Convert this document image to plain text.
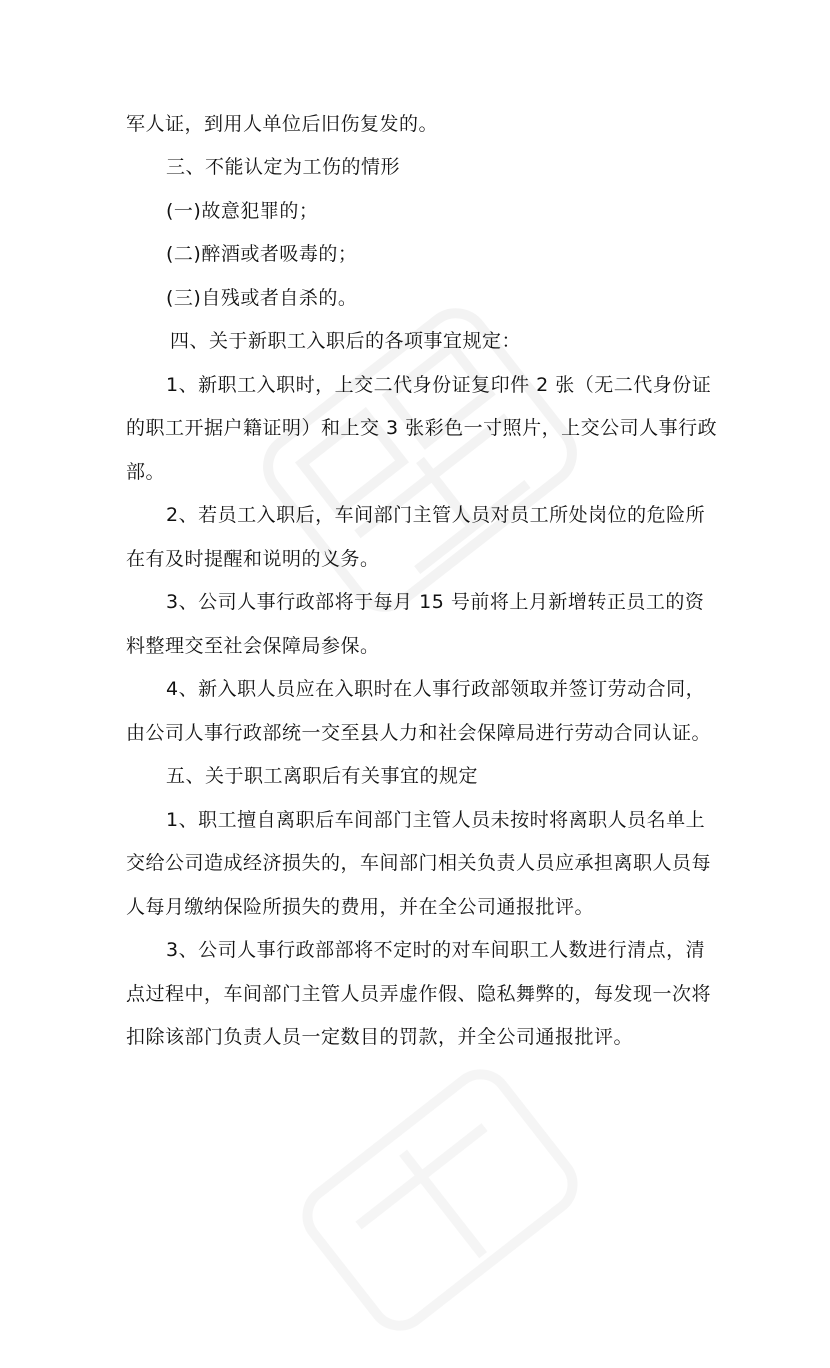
军人证，到用人单位后旧伤复发的。
三、不能认定为工伤的情形
(一)故意犯罪的；
(二)醉酒或者吸毒的；
(三)自残或者自杀的。
四、关于新职工入职后的各项事宜规定：
1、新职工入职时，上交二代身份证复印件 2 张（无二代身份证
的职工开据户籍证明）和上交 3 张彩色一寸照片，上交公司人事行政
部。
2、若员工入职后，车间部门主管人员对员工所处岗位的危险所
在有及时提醒和说明的义务。
3、公司人事行政部将于每月 15 号前将上月新增转正员工的资
料整理交至社会保障局参保。
4、新入职人员应在入职时在人事行政部领取并签订劳动合同，
由公司人事行政部统一交至县人力和社会保障局进行劳动合同认证。
五、关于职工离职后有关事宜的规定
1、职工擅自离职后车间部门主管人员未按时将离职人员名单上
交给公司造成经济损失的，车间部门相关负责人员应承担离职人员每
人每月缴纳保险所损失的费用，并在全公司通报批评。
3、公司人事行政部部将不定时的对车间职工人数进行清点，清
点过程中，车间部门主管人员弄虚作假、隐私舞弊的，每发现一次将
扣除该部门负责人员一定数目的罚款，并全公司通报批评。
